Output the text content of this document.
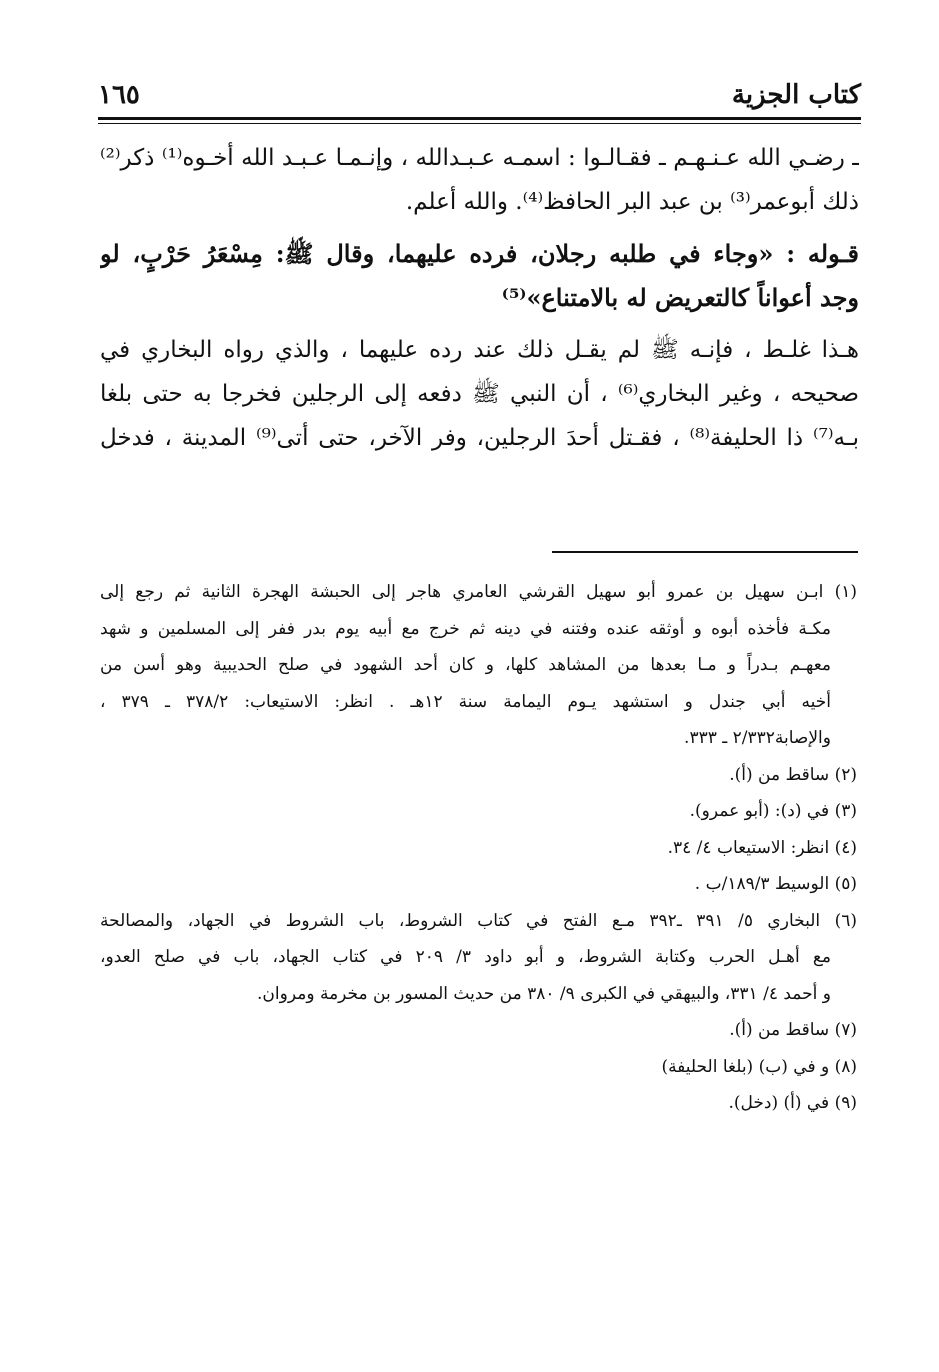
كتاب الجزية
١٦٥
ـ رضـي الله عـنـهـم ـ فقـالـوا : اسمـه عـبـدالله ، وإنـمـا عـبـد الله أخـوه⁽¹⁾ ذكر⁽²⁾
ذلك أبوعمر⁽³⁾ بن عبد البر الحافظ⁽⁴⁾. والله أعلم.
قـوله : «وجاء في طلبه رجلان، فرده عليهما، وقال ﷺ: مِسْعَرُ حَرْبٍ، لو
وجد أعواناً كالتعريض له بالامتناع»⁽⁵⁾
هـذا غلـط ، فإنـه ﷺ لم يقـل ذلك عند رده عليهما ، والذي رواه البخاري في
صحيحه ، وغير البخاري⁽⁶⁾ ، أن النبي ﷺ دفعه إلى الرجلين فخرجا به حتى بلغا
بـه⁽⁷⁾ ذا الحليفة⁽⁸⁾ ، فقـتل أحدَ الرجلين، وفر الآخر، حتى أتى⁽⁹⁾ المدينة ، فدخل
(١) ابـن سهيل بن عمرو أبو سهيل القرشي العامري هاجر إلى الحبشة الهجرة الثانية ثم رجع إلى
مكـة فأخذه أبوه و أوثقه عنده وفتنه في دينه ثم خرج مع أبيه يوم بدر ففر إلى المسلمين و شهد
معهـم بـدراً و مـا بعدها من المشاهد كلها، و كان أحد الشهود في صلح الحديبية وهو أسن من
أخيه أبي جندل و استشهد يـوم اليمامة سنة ١٢هـ . انظر: الاستيعاب: ٣٧٨/٢ ـ ٣٧٩ ،
والإصابة٢/٣٣٢ ـ ٣٣٣.
(٢) ساقط من (أ).
(٣) في (د): (أبو عمرو).
(٤) انظر: الاستيعاب ٤/ ٣٤.
(٥) الوسيط ١٨٩/٣/ب .
(٦) البخاري ٥/ ٣٩١ ـ٣٩٢ مـع الفتح في كتاب الشروط، باب الشروط في الجهاد، والمصالحة
مع أهـل الحرب وكتابة الشروط، و أبو داود ٣/ ٢٠٩ في كتاب الجهاد، باب في صلح العدو،
و أحمد ٤/ ٣٣١، والبيهقي في الكبرى ٩/ ٣٨٠ من حديث المسور بن مخرمة ومروان.
(٧) ساقط من (أ).
(٨) و في (ب) (بلغا الحليفة)
(٩) في (أ) (دخل).
